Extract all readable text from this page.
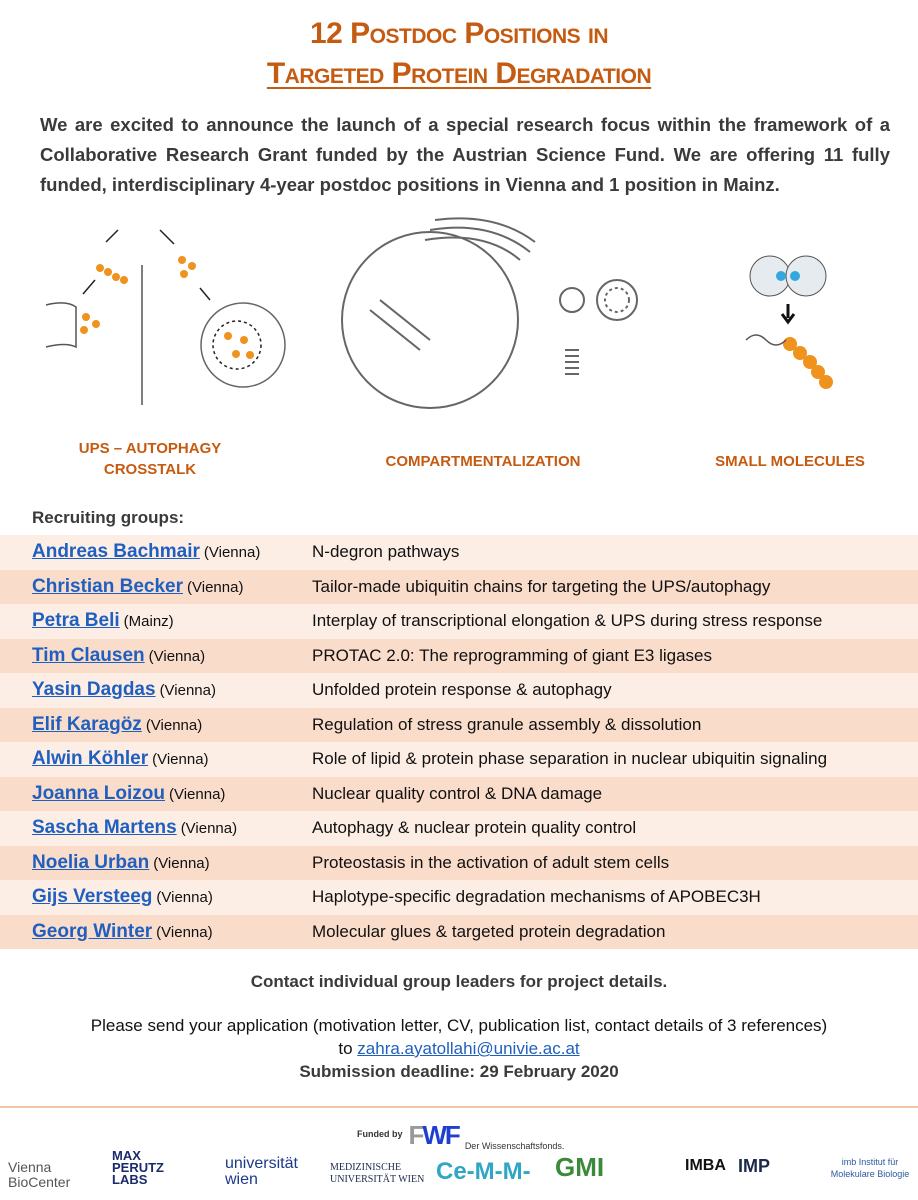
12 Postdoc Positions in
Targeted Protein Degradation
We are excited to announce the launch of a special research focus within the framework of a Collaborative Research Grant funded by the Austrian Science Fund. We are offering 11 fully funded, interdisciplinary 4-year postdoc positions in Vienna and 1 position in Mainz.
UPS – AUTOPHAGY CROSSTALK	COMPARTMENTALIZATION	SMALL MOLECULES
Recruiting groups:
Andreas Bachmair (Vienna)	N-degron pathways
Christian Becker (Vienna)	Tailor-made ubiquitin chains for targeting the UPS/autophagy
Petra Beli (Mainz)	Interplay of transcriptional elongation & UPS during stress response
Tim Clausen (Vienna)	PROTAC 2.0: The reprogramming of giant E3 ligases
Yasin Dagdas (Vienna)	Unfolded protein response & autophagy
Elif Karagöz (Vienna)	Regulation of stress granule assembly & dissolution
Alwin Köhler (Vienna)	Role of lipid & protein phase separation in nuclear ubiquitin signaling
Joanna Loizou (Vienna)	Nuclear quality control & DNA damage
Sascha Martens (Vienna)	Autophagy & nuclear protein quality control
Noelia Urban (Vienna)	Proteostasis in the activation of adult stem cells
Gijs Versteeg (Vienna)	Haplotype-specific degradation mechanisms of APOBEC3H
Georg Winter (Vienna)	Molecular glues & targeted protein degradation
Contact individual group leaders for project details.
Please send your application (motivation letter, CV, publication list, contact details of 3 references)
to zahra.ayatollahi@univie.ac.at
Submission deadline: 29 February 2020
Funded by FWF Der Wissenschaftsfonds.
Vienna BioCenter
MAX PERUTZ LABS
universität wien
MEDIZINISCHE UNIVERSITÄT WIEN Ce-M-M- GMI	IMBA IMP	imb Institut für Molekulare Biologie
